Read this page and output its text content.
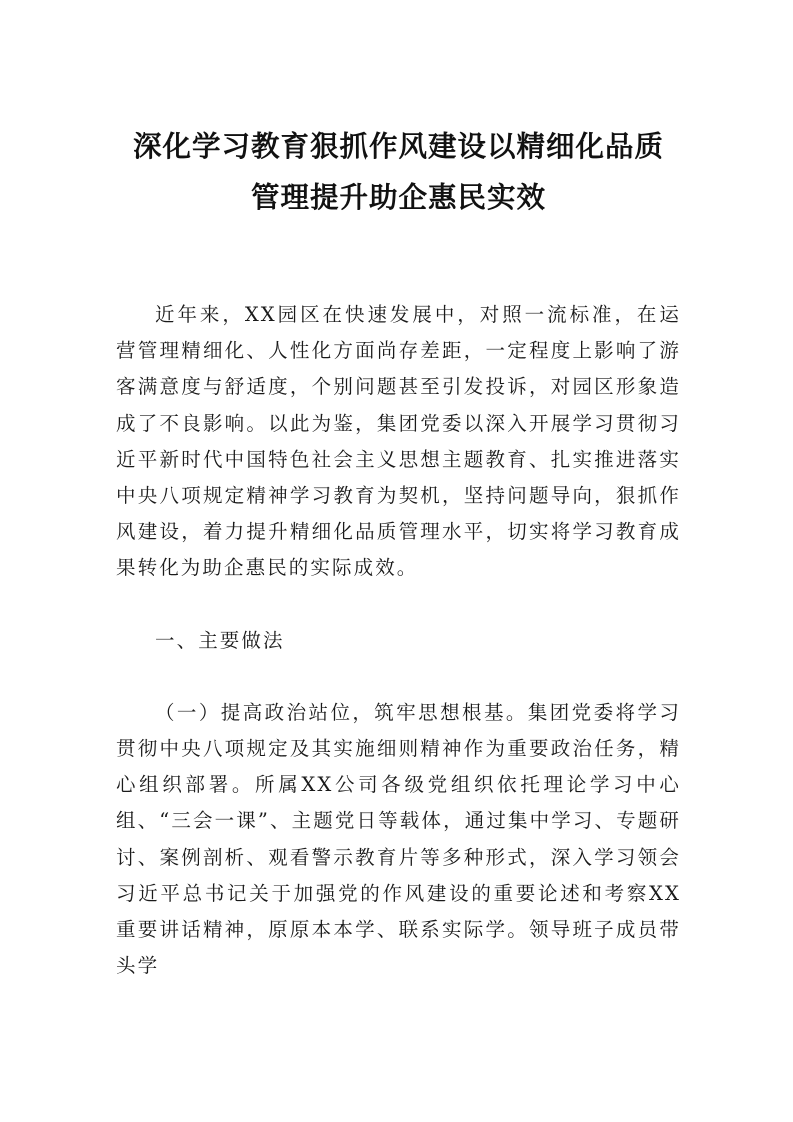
深化学习教育狠抓作风建设以精细化品质
管理提升助企惠民实效

近年来，XX园区在快速发展中，对照一流标准，在运营管理精细化、人性化方面尚存差距，一定程度上影响了游客满意度与舒适度，个别问题甚至引发投诉，对园区形象造成了不良影响。以此为鉴，集团党委以深入开展学习贯彻习近平新时代中国特色社会主义思想主题教育、扎实推进落实中央八项规定精神学习教育为契机，坚持问题导向，狠抓作风建设，着力提升精细化品质管理水平，切实将学习教育成果转化为助企惠民的实际成效。

一、主要做法

（一）提高政治站位，筑牢思想根基。集团党委将学习贯彻中央八项规定及其实施细则精神作为重要政治任务，精心组织部署。所属XX公司各级党组织依托理论学习中心组、“三会一课”、主题党日等载体，通过集中学习、专题研讨、案例剖析、观看警示教育片等多种形式，深入学习领会习近平总书记关于加强党的作风建设的重要论述和考察XX重要讲话精神，原原本本学、联系实际学。领导班子成员带头学
